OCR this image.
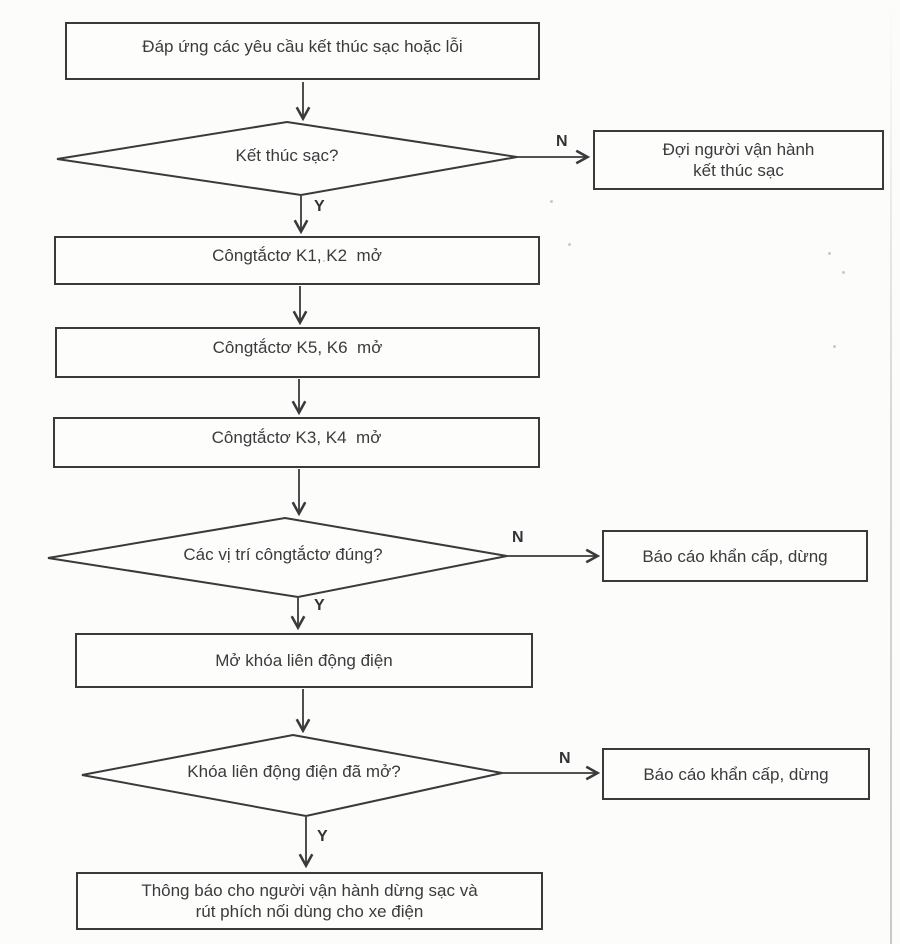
Đáp ứng các yêu cầu kết thúc sạc hoặc lỗi
Đợi người vận hành
kết thúc sạc
Côngtắctơ K1, K2  mở
Côngtắctơ K5, K6  mở
Côngtắctơ K3, K4  mở
Báo cáo khẩn cấp, dừng
Mở khóa liên động điện
Báo cáo khẩn cấp, dừng
Thông báo cho người vận hành dừng sạc và
rút phích nối dùng cho xe điện
Kết thúc sạc?
Các vị trí côngtắctơ đúng?
Khóa liên động điện đã mở?
N
Y
N
Y
N
Y
